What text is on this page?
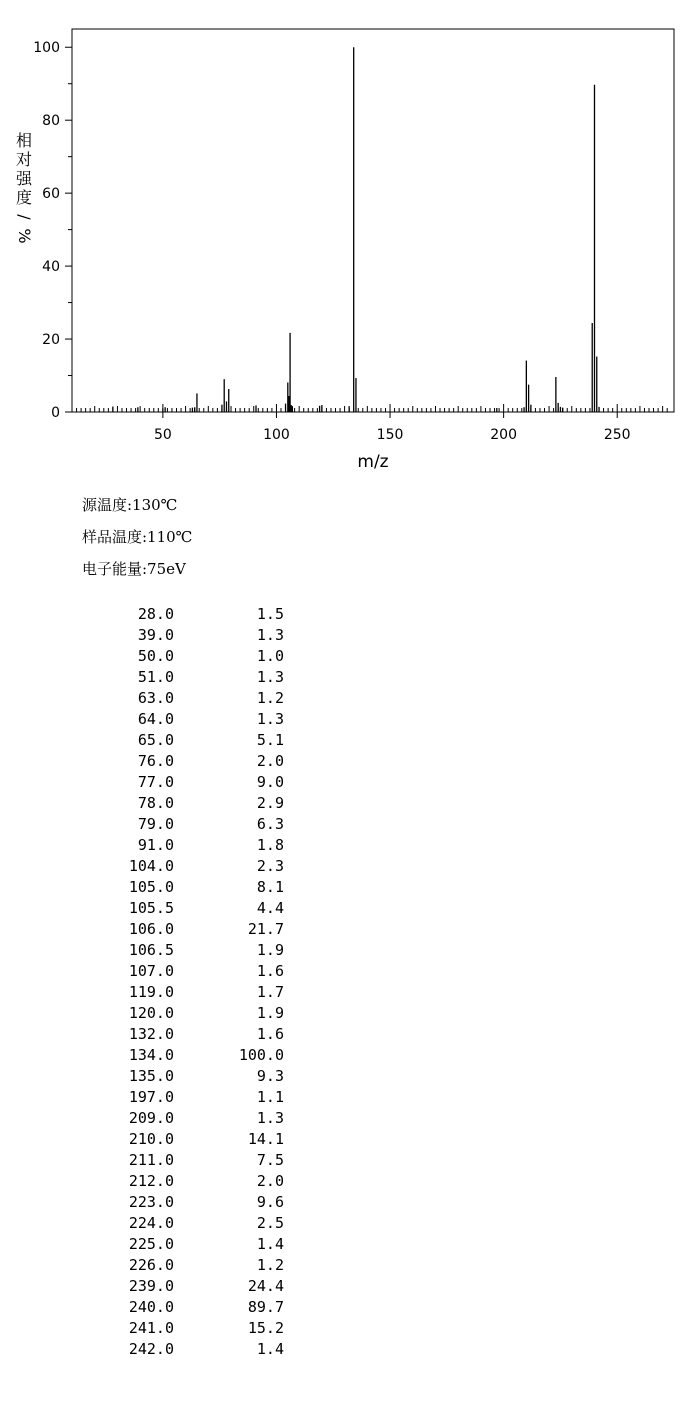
50	100	150	200	250
0
20
40
60
80
100
m/z
相
对
强
度
/
%
源温度:130℃
样品温度:110℃
电子能量:75eV
28.0	1.5
39.0	1.3
50.0	1.0
51.0	1.3
63.0	1.2
64.0	1.3
65.0	5.1
76.0	2.0
77.0	9.0
78.0	2.9
79.0	6.3
91.0	1.8
104.0	2.3
105.0	8.1
105.5	4.4
106.0	21.7
106.5	1.9
107.0	1.6
119.0	1.7
120.0	1.9
132.0	1.6
134.0	100.0
135.0	9.3
197.0	1.1
209.0	1.3
210.0	14.1
211.0	7.5
212.0	2.0
223.0	9.6
224.0	2.5
225.0	1.4
226.0	1.2
239.0	24.4
240.0	89.7
241.0	15.2
242.0	1.4
